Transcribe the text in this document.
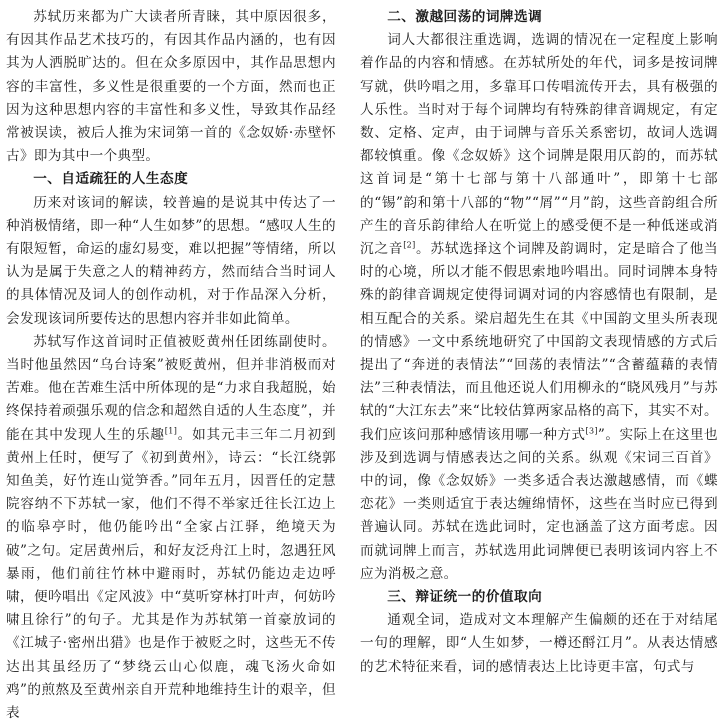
苏轼历来都为广大读者所青睐，其中原因很多，有因其作品艺术技巧的，有因其作品内涵的，也有因其为人洒脱旷达的。但在众多原因中，其作品思想内容的丰富性，多义性是很重要的一个方面，然而也正因为这种思想内容的丰富性和多义性，导致其作品经常被误读，被后人推为宋词第一首的《念奴娇·赤壁怀古》即为其中一个典型。

一、自适疏狂的人生态度

历来对该词的解读，较普遍的是说其中传达了一种消极情绪，即一种“人生如梦”的思想。“感叹人生的有限短暂，命运的虚幻易变，难以把握”等情绪，所以认为是属于失意之人的精神药方，然而结合当时词人的具体情况及词人的创作动机，对于作品深入分析，会发现该词所要传达的思想内容并非如此简单。

苏轼写作这首词时正值被贬黄州任团练副使时。当时他虽然因“乌台诗案”被贬黄州，但并非消极而对苦难。他在苦难生活中所体现的是“力求自我超脱，始终保持着顽强乐观的信念和超然自适的人生态度”，并能在其中发现人生的乐趣[1]。如其元丰三年二月初到黄州上任时，便写了《初到黄州》，诗云：“长江绕郭知鱼美，好竹连山觉笋香。”同年五月，因晋任的定慧院容纳不下苏轼一家，他们不得不举家迁往长江边上的临皋亭时，他仍能吟出“全家占江驿，绝境天为破”之句。定居黄州后，和好友泛舟江上时，忽遇狂风暴雨，他们前往竹林中避雨时，苏轼仍能边走边呼啸，便吟唱出《定风波》中“莫听穿林打叶声，何妨吟啸且徐行”的句子。尤其是作为苏轼第一首豪放词的《江城子·密州出猎》也是作于被贬之时，这些无不传达出其虽经历了“梦绕云山心似鹿，魂飞汤火命如鸡”的煎熬及至黄州亲自开荒种地维持生计的艰辛，但表

二、激越回荡的词牌选调

词人大都很注重选调，选调的情况在一定程度上影响着作品的内容和情感。在苏轼所处的年代，词多是按词牌写就，供吟唱之用，多靠耳口传唱流传开去，具有极强的人乐性。当时对于每个词牌均有特殊韵律音调规定，有定数、定格、定声，由于词牌与音乐关系密切，故词人选调都较慎重。像《念奴娇》这个词牌是限用仄韵的，而苏轼这首词是“第十七部与第十八部通叶”，即第十七部的“锡”韵和第十八部的“物”“屑”“月”韵，这些音韵组合所产生的音乐韵律给人在听觉上的感受便不是一种低迷或消沉之音[2]。苏轼选择这个词牌及韵调时，定是暗合了他当时的心境，所以才能不假思索地吟唱出。同时词牌本身特殊的韵律音调规定使得词调对词的内容感情也有限制，是相互配合的关系。梁启超先生在其《中国韵文里头所表现的情感》一文中系统地研究了中国韵文表现情感的方式后提出了“奔迸的表情法”“回荡的表情法”“含蓄蕴藉的表情法”三种表情法，而且他还说人们用柳永的“晓风残月”与苏轼的“大江东去”来“比较估算两家品格的高下，其实不对。我们应该问那种感情该用哪一种方式[3]”。实际上在这里也涉及到选调与情感表达之间的关系。纵观《宋词三百首》中的词，像《念奴娇》一类多适合表达激越感情，而《蝶恋花》一类则适宜于表达缠绵情怀，这些在当时应已得到普遍认同。苏轼在选此词时，定也涵盖了这方面考虑。因而就词牌上而言，苏轼选用此词牌便已表明该词内容上不应为消极之意。

三、辩证统一的价值取向

通观全词，造成对文本理解产生偏颇的还在于对结尾一句的理解，即“人生如梦，一樽还酹江月”。从表达情感的艺术特征来看，词的感情表达上比诗更丰富，句式与
